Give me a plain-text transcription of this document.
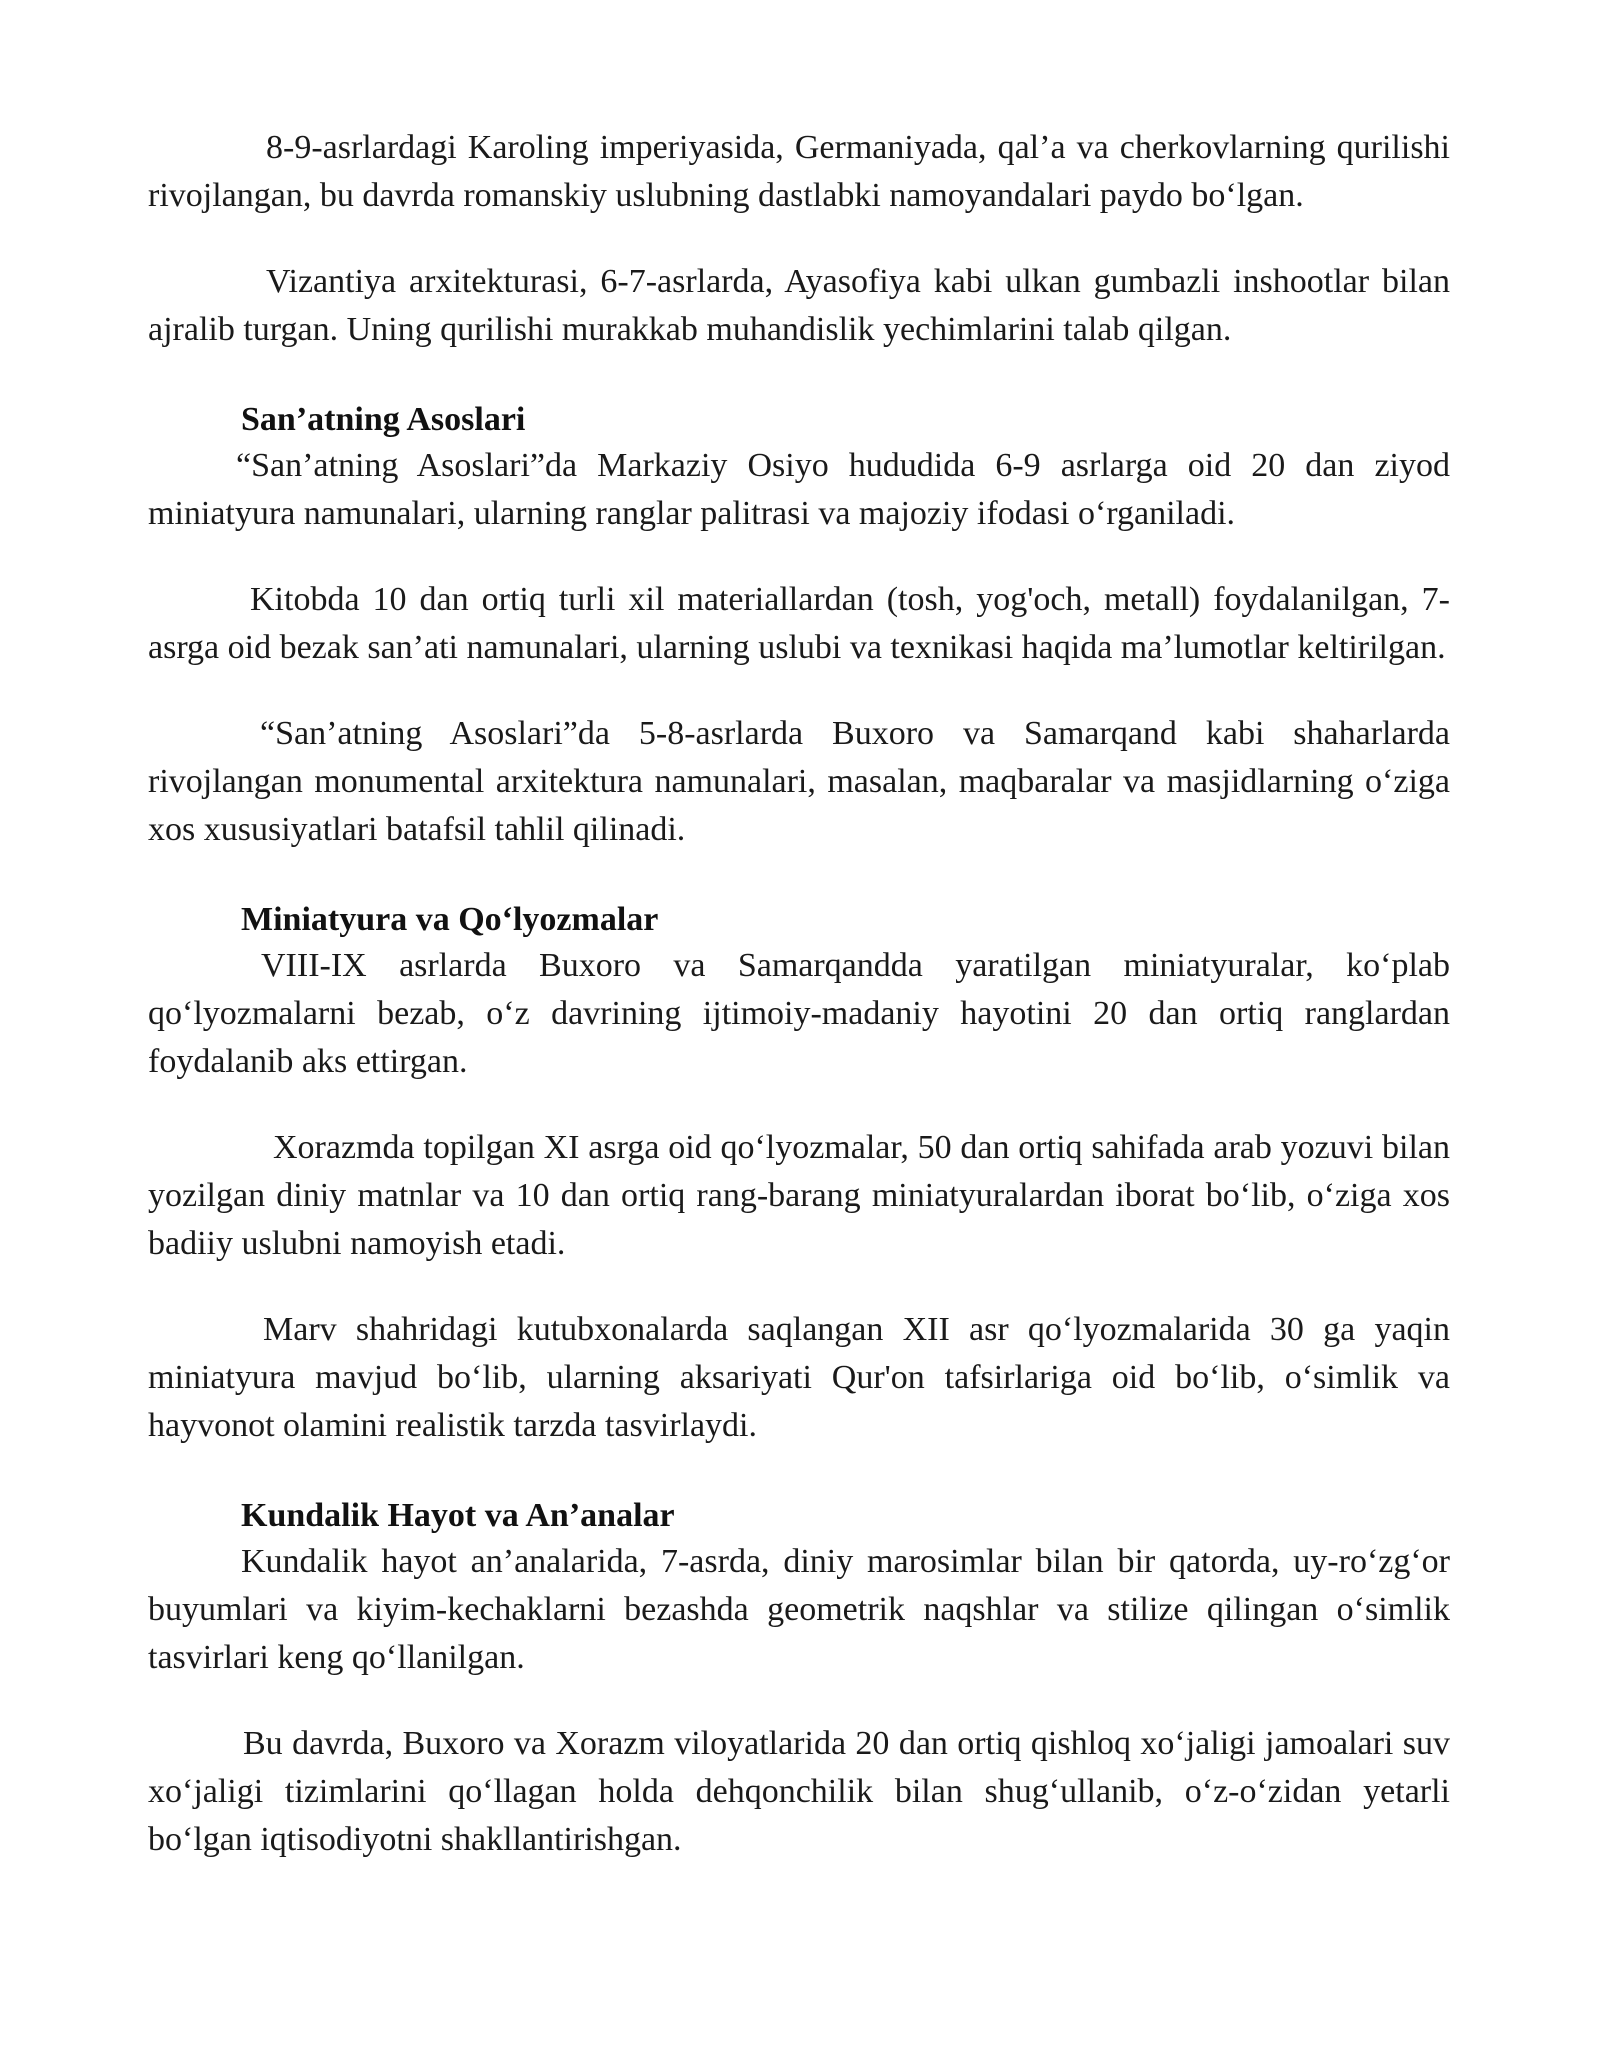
8-9-asrlardagi Karoling imperiyasida, Germaniyada, qal’a va cherkovlarning qurilishi rivojlangan, bu davrda romanskiy uslubning dastlabki namoyandalari paydo bo‘lgan.

Vizantiya arxitekturasi, 6-7-asrlarda, Ayasofiya kabi ulkan gumbazli inshootlar bilan ajralib turgan. Uning qurilishi murakkab muhandislik yechimlarini talab qilgan.

San’atning Asoslari

“San’atning Asoslari”da Markaziy Osiyo hududida 6-9 asrlarga oid 20 dan ziyod miniatyura namunalari, ularning ranglar palitrasi va majoziy ifodasi o‘rganiladi.

Kitobda 10 dan ortiq turli xil materiallardan (tosh, yog'och, metall) foydalanilgan, 7-asrga oid bezak san’ati namunalari, ularning uslubi va texnikasi haqida ma’lumotlar keltirilgan.

“San’atning Asoslari”da 5-8-asrlarda Buxoro va Samarqand kabi shaharlarda rivojlangan monumental arxitektura namunalari, masalan, maqbaralar va masjidlarning o‘ziga xos xususiyatlari batafsil tahlil qilinadi.

Miniatyura va Qo‘lyozmalar

VIII-IX asrlarda Buxoro va Samarqandda yaratilgan miniatyuralar, ko‘plab qo‘lyozmalarni bezab, o‘z davrining ijtimoiy-madaniy hayotini 20 dan ortiq ranglardan foydalanib aks ettirgan.

Xorazmda topilgan XI asrga oid qo‘lyozmalar, 50 dan ortiq sahifada arab yozuvi bilan yozilgan diniy matnlar va 10 dan ortiq rang-barang miniatyuralardan iborat bo‘lib, o‘ziga xos badiiy uslubni namoyish etadi.

Marv shahridagi kutubxonalarda saqlangan XII asr qo‘lyozmalarida 30 ga yaqin miniatyura mavjud bo‘lib, ularning aksariyati Qur'on tafsirlariga oid bo‘lib, o‘simlik va hayvonot olamini realistik tarzda tasvirlaydi.

Kundalik Hayot va An’analar

Kundalik hayot an’analarida, 7-asrda, diniy marosimlar bilan bir qatorda, uy-ro‘zg‘or buyumlari va kiyim-kechaklarni bezashda geometrik naqshlar va stilize qilingan o‘simlik tasvirlari keng qo‘llanilgan.

Bu davrda, Buxoro va Xorazm viloyatlarida 20 dan ortiq qishloq xo‘jaligi jamoalari suv xo‘jaligi tizimlarini qo‘llagan holda dehqonchilik bilan shug‘ullanib, o‘z-o‘zidan yetarli bo‘lgan iqtisodiyotni shakllantirishgan.
